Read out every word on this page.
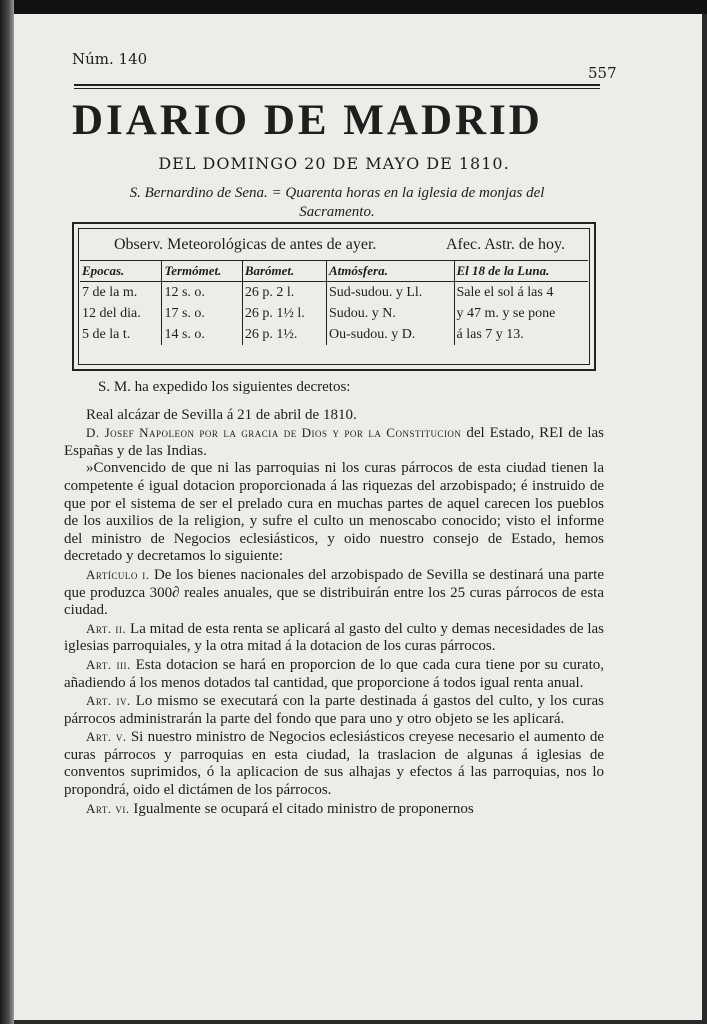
Núm. 140
557
DIARIO DE MADRID
DEL DOMINGO 20 DE MAYO DE 1810.
S. Bernardino de Sena. = Quarenta horas en la iglesia de monjas del Sacramento.
Observ. Meteorológicas de antes de ayer.	Afec. Astr. de hoy.
Epocas.	Termómet.	Barómet.	Atmósfera.	El 18 de la Luna.
7 de la m.	12 s. o.	26 p. 2 l.	Sud-sudou. y Ll.	Sale el sol á las 4
12 del dia.	17 s. o.	26 p. 1½ l.	Sudou. y N.	y 47 m. y se pone
5 de la t.	14 s. o.	26 p. 1½.	Ou-sudou. y D.	á las 7 y 13.

S. M. ha expedido los siguientes decretos:

Real alcázar de Sevilla á 21 de abril de 1810.

D. Josef Napoleon por la gracia de Dios y por la Constitucion del Estado, REI de las Españas y de las Indias.

»Convencido de que ni las parroquias ni los curas párrocos de esta ciudad tienen la competente é igual dotacion proporcionada á las riquezas del arzobispado; é instruido de que por el sistema de ser el prelado cura en muchas partes de aquel carecen los pueblos de los auxilios de la religion, y sufre el culto un menoscabo conocido; visto el informe del ministro de Negocios eclesiásticos, y oido nuestro consejo de Estado, hemos decretado y decretamos lo siguiente:

Artículo i. De los bienes nacionales del arzobispado de Sevilla se destinará una parte que produzca 300∂ reales anuales, que se distribuirán entre los 25 curas párrocos de esta ciudad.

Art. ii. La mitad de esta renta se aplicará al gasto del culto y demas necesidades de las iglesias parroquiales, y la otra mitad á la dotacion de los curas párrocos.

Art. iii. Esta dotacion se hará en proporcion de lo que cada cura tiene por su curato, añadiendo á los menos dotados tal cantidad, que proporcione á todos igual renta anual.

Art. iv. Lo mismo se executará con la parte destinada á gastos del culto, y los curas párrocos administrarán la parte del fondo que para uno y otro objeto se les aplicará.

Art. v. Si nuestro ministro de Negocios eclesiásticos creyese necesario el aumento de curas párrocos y parroquias en esta ciudad, la traslacion de algunas á iglesias de conventos suprimidos, ó la aplicacion de sus alhajas y efectos á las parroquias, nos lo propondrá, oido el dictámen de los párrocos.

Art. vi. Igualmente se ocupará el citado ministro de proponernos
